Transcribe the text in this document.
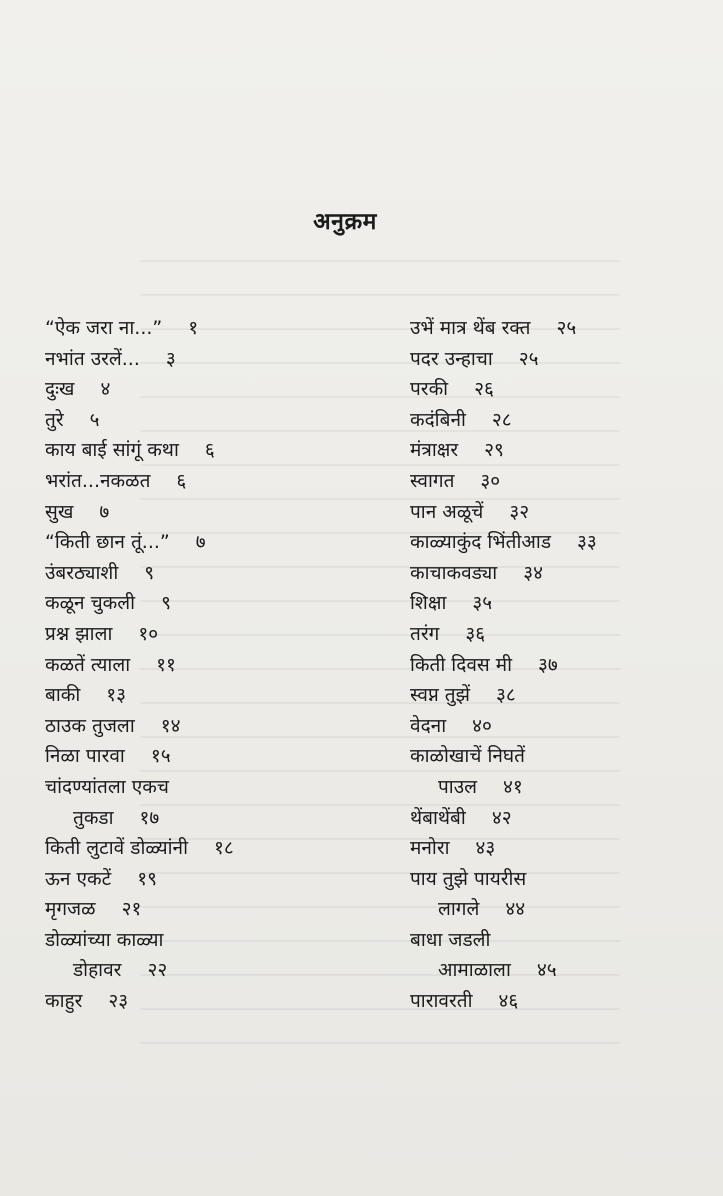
अनुक्रम
“ऐक जरा ना...” १
नभांत उरलें... ३
दुःख ४
तुरे ५
काय बाई सांगूं कथा ६
भरांत...नकळत ६
सुख ७
“किती छान तूं...” ७
उंबरठ्याशी ९
कळून चुकली ९
प्रश्न झाला १०
कळतें त्याला ११
बाकी १३
ठाउक तुजला १४
निळा पारवा १५
चांदण्यांतला एकच
तुकडा १७
किती लुटावें डोळ्यांनी १८
ऊन एकटें १९
मृगजळ २१
डोळ्यांच्या काळ्या
डोहावर २२
काहुर २३
उभें मात्र थेंब रक्त २५
पदर उन्हाचा २५
परकी २६
कदंबिनी २८
मंत्राक्षर २९
स्वागत ३०
पान अळूचें ३२
काळ्याकुंद भिंतीआड ३३
काचाकवड्या ३४
शिक्षा ३५
तरंग ३६
किती दिवस मी ३७
स्वप्न तुझें ३८
वेदना ४०
काळोखाचें निघतें
पाउल ४१
थेंबाथेंबी ४२
मनोरा ४३
पाय तुझे पायरीस
लागले ४४
बाधा जडली
आमाळाला ४५
पारावरती ४६
